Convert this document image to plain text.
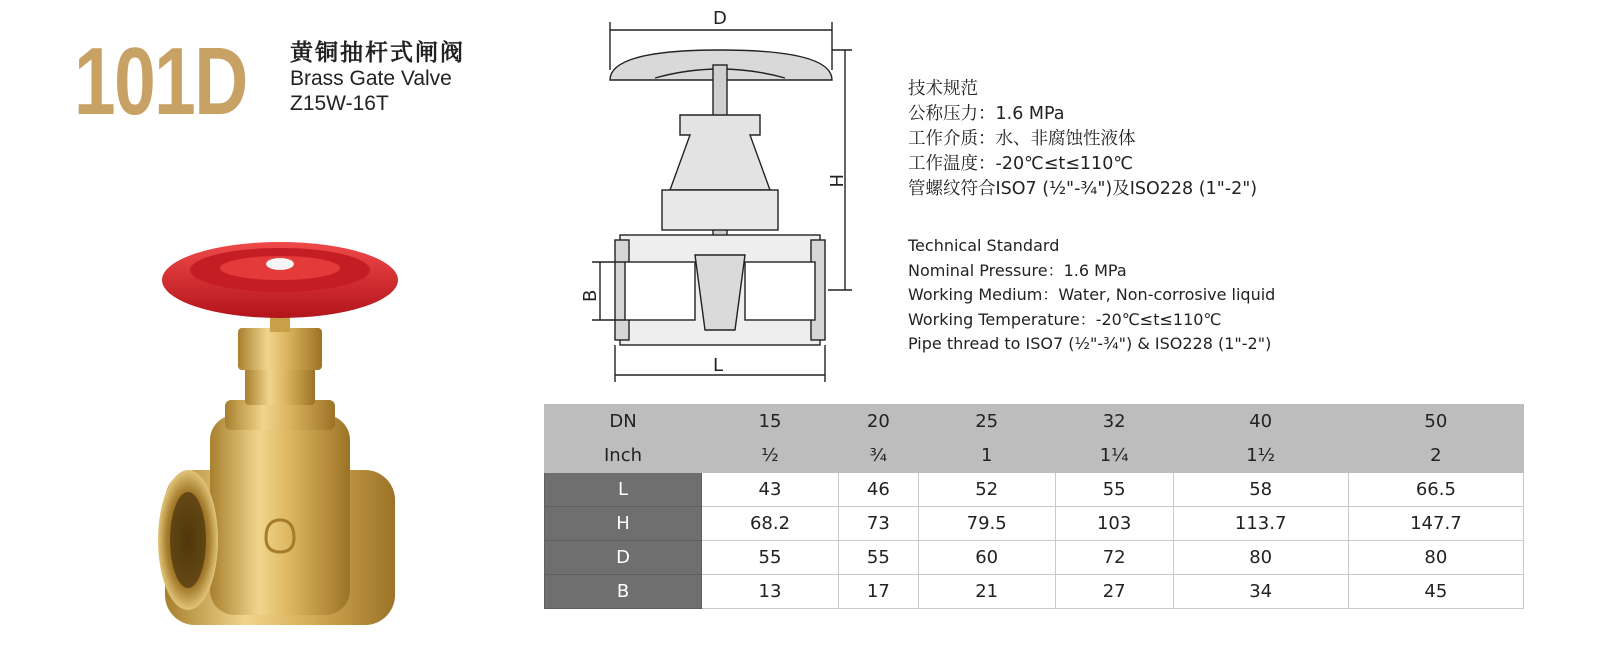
101D 黄铜抽杆式闸阀
Brass Gate Valve
Z15W-16T
D
H
B
L
技术规范
公称压力：1.6 MPa
工作介质：水、非腐蚀性液体
工作温度：-20℃≤t≤110℃
管螺纹符合ISO7 (½"-¾")及ISO228 (1"-2")
Technical Standard
Nominal Pressure：1.6 MPa
Working Medium：Water, Non-corrosive liquid
Working Temperature：-20℃≤t≤110℃
Pipe thread to ISO7 (½"-¾") & ISO228 (1"-2")
DN	15	20	25	32	40	50
Inch	½	¾	1	1¼	1½	2
L	43	46	52	55	58	66.5
H	68.2	73	79.5	103	113.7	147.7
D	55	55	60	72	80	80
B	13	17	21	27	34	45
